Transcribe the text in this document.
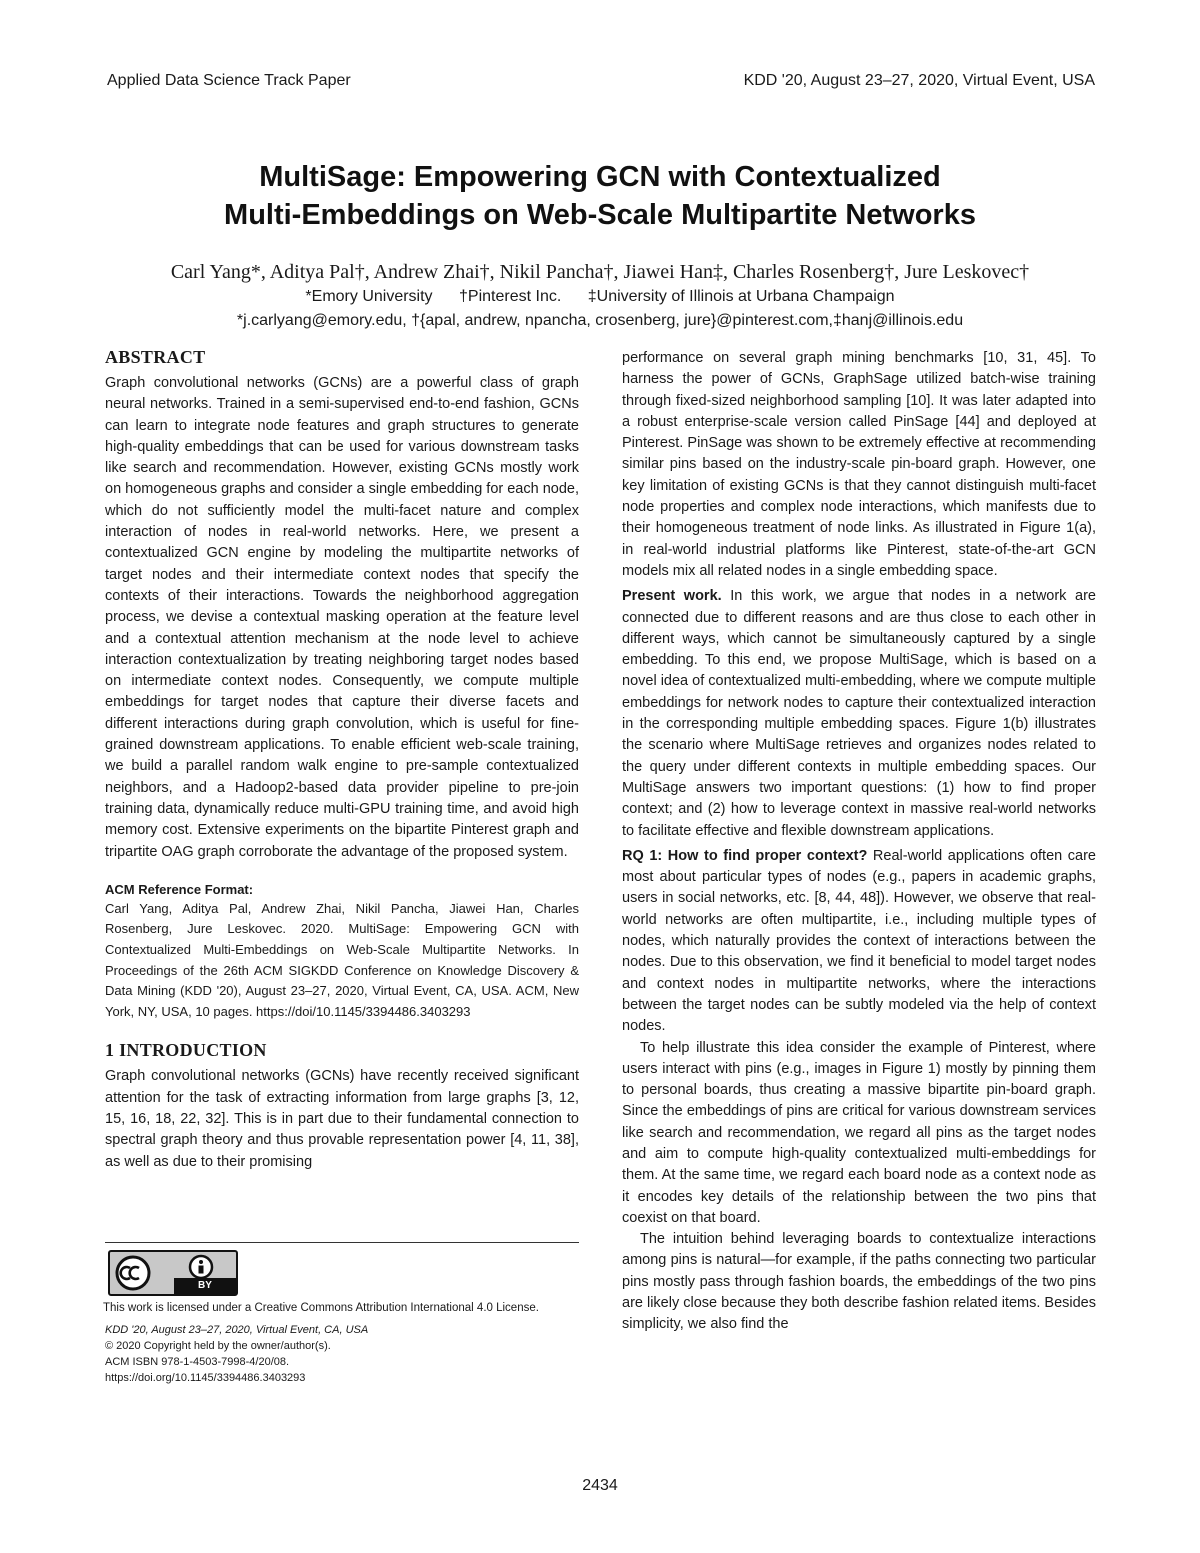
Applied Data Science Track Paper	KDD '20, August 23–27, 2020, Virtual Event, USA
MultiSage: Empowering GCN with Contextualized
Multi-Embeddings on Web-Scale Multipartite Networks
Carl Yang*, Aditya Pal†, Andrew Zhai†, Nikil Pancha†, Jiawei Han‡, Charles Rosenberg†, Jure Leskovec†
*Emory University †Pinterest Inc. ‡University of Illinois at Urbana Champaign
*j.carlyang@emory.edu, †{apal, andrew, npancha, crosenberg, jure}@pinterest.com,‡hanj@illinois.edu
ABSTRACT

Graph convolutional networks (GCNs) are a powerful class of graph neural networks. Trained in a semi-supervised end-to-end fashion, GCNs can learn to integrate node features and graph structures to generate high-quality embeddings that can be used for various downstream tasks like search and recommendation. However, existing GCNs mostly work on homogeneous graphs and consider a single embedding for each node, which do not sufficiently model the multi-facet nature and complex interaction of nodes in real-world networks. Here, we present a contextualized GCN engine by modeling the multipartite networks of target nodes and their intermediate context nodes that specify the contexts of their interactions. Towards the neighborhood aggregation process, we devise a contextual masking operation at the feature level and a contextual attention mechanism at the node level to achieve interaction contextualization by treating neighboring target nodes based on intermediate context nodes. Consequently, we compute multiple embeddings for target nodes that capture their diverse facets and different interactions during graph convolution, which is useful for fine-grained downstream applications. To enable efficient web-scale training, we build a parallel random walk engine to pre-sample contextualized neighbors, and a Hadoop2-based data provider pipeline to pre-join training data, dynamically reduce multi-GPU training time, and avoid high memory cost. Extensive experiments on the bipartite Pinterest graph and tripartite OAG graph corroborate the advantage of the proposed system.

ACM Reference Format:

Carl Yang, Aditya Pal, Andrew Zhai, Nikil Pancha, Jiawei Han, Charles Rosenberg, Jure Leskovec. 2020. MultiSage: Empowering GCN with Contextualized Multi-Embeddings on Web-Scale Multipartite Networks. In Proceedings of the 26th ACM SIGKDD Conference on Knowledge Discovery & Data Mining (KDD '20), August 23–27, 2020, Virtual Event, CA, USA. ACM, New York, NY, USA, 10 pages. https://doi/10.1145/3394486.3403293

1 INTRODUCTION

Graph convolutional networks (GCNs) have recently received significant attention for the task of extracting information from large graphs [3, 12, 15, 16, 18, 22, 32]. This is in part due to their fundamental connection to spectral graph theory and thus provable representation power [4, 11, 38], as well as due to their promising

BY
This work is licensed under a Creative Commons Attribution International 4.0 License.
KDD '20, August 23–27, 2020, Virtual Event, CA, USA
© 2020 Copyright held by the owner/author(s).
ACM ISBN 978-1-4503-7998-4/20/08.
https://doi.org/10.1145/3394486.3403293

performance on several graph mining benchmarks [10, 31, 45]. To harness the power of GCNs, GraphSage utilized batch-wise training through fixed-sized neighborhood sampling [10]. It was later adapted into a robust enterprise-scale version called PinSage [44] and deployed at Pinterest. PinSage was shown to be extremely effective at recommending similar pins based on the industry-scale pin-board graph. However, one key limitation of existing GCNs is that they cannot distinguish multi-facet node properties and complex node interactions, which manifests due to their homogeneous treatment of node links. As illustrated in Figure 1(a), in real-world industrial platforms like Pinterest, state-of-the-art GCN models mix all related nodes in a single embedding space.

Present work. In this work, we argue that nodes in a network are connected due to different reasons and are thus close to each other in different ways, which cannot be simultaneously captured by a single embedding. To this end, we propose MultiSage, which is based on a novel idea of contextualized multi-embedding, where we compute multiple embeddings for network nodes to capture their contextualized interaction in the corresponding multiple embedding spaces. Figure 1(b) illustrates the scenario where MultiSage retrieves and organizes nodes related to the query under different contexts in multiple embedding spaces. Our MultiSage answers two important questions: (1) how to find proper context; and (2) how to leverage context in massive real-world networks to facilitate effective and flexible downstream applications.

RQ 1: How to find proper context? Real-world applications often care most about particular types of nodes (e.g., papers in academic graphs, users in social networks, etc. [8, 44, 48]). However, we observe that real-world networks are often multipartite, i.e., including multiple types of nodes, which naturally provides the context of interactions between the nodes. Due to this observation, we find it beneficial to model target nodes and context nodes in multipartite networks, where the interactions between the target nodes can be subtly modeled via the help of context nodes.

To help illustrate this idea consider the example of Pinterest, where users interact with pins (e.g., images in Figure 1) mostly by pinning them to personal boards, thus creating a massive bipartite pin-board graph. Since the embeddings of pins are critical for various downstream services like search and recommendation, we regard all pins as the target nodes and aim to compute high-quality contextualized multi-embeddings for them. At the same time, we regard each board node as a context node as it encodes key details of the relationship between the two pins that coexist on that board.

The intuition behind leveraging boards to contextualize interactions among pins is natural—for example, if the paths connecting two particular pins mostly pass through fashion boards, the embeddings of the two pins are likely close because they both describe fashion related items. Besides simplicity, we also find the

2434
